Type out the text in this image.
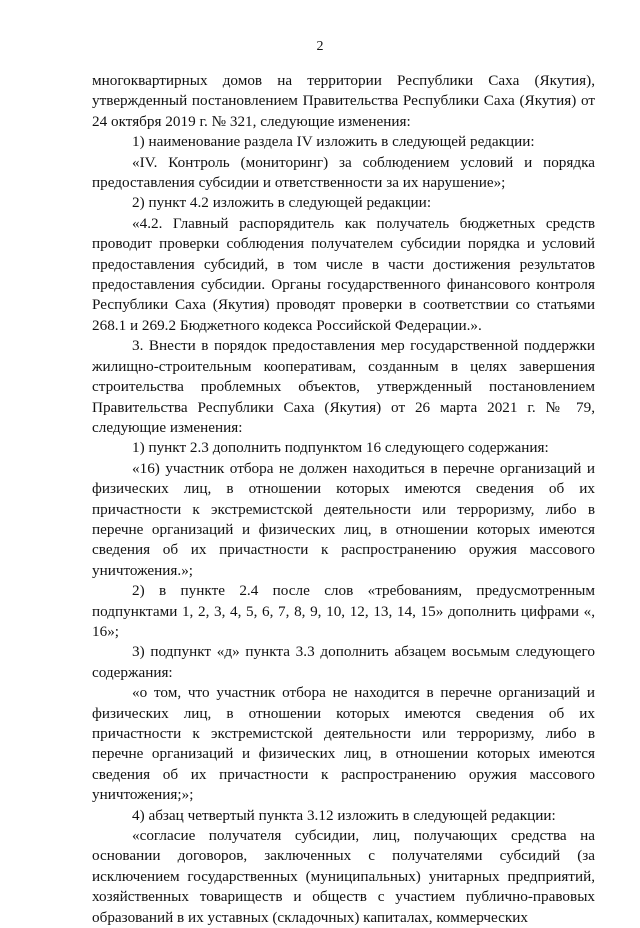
2

многоквартирных домов на территории Республики Саха (Якутия), утвержденный постановлением Правительства Республики Саха (Якутия) от 24 октября 2019 г. № 321, следующие изменения:

1) наименование раздела IV изложить в следующей редакции:

«IV. Контроль (мониторинг) за соблюдением условий и порядка предоставления субсидии и ответственности за их нарушение»;

2) пункт 4.2 изложить в следующей редакции:

«4.2. Главный распорядитель как получатель бюджетных средств проводит проверки соблюдения получателем субсидии порядка и условий предоставления субсидий, в том числе в части достижения результатов предоставления субсидии. Органы государственного финансового контроля Республики Саха (Якутия) проводят проверки в соответствии со статьями 268.1 и 269.2 Бюджетного кодекса Российской Федерации.».

3. Внести в порядок предоставления мер государственной поддержки жилищно-строительным кооперативам, созданным в целях завершения строительства проблемных объектов, утвержденный постановлением Правительства Республики Саха (Якутия) от 26 марта 2021 г. № 79, следующие изменения:

1) пункт 2.3 дополнить подпунктом 16 следующего содержания:

«16) участник отбора не должен находиться в перечне организаций и физических лиц, в отношении которых имеются сведения об их причастности к экстремистской деятельности или терроризму, либо в перечне организаций и физических лиц, в отношении которых имеются сведения об их причастности к распространению оружия массового уничтожения.»;

2) в пункте 2.4 после слов «требованиям, предусмотренным подпунктами 1, 2, 3, 4, 5, 6, 7, 8, 9, 10, 12, 13, 14, 15» дополнить цифрами «, 16»;

3) подпункт «д» пункта 3.3 дополнить абзацем восьмым следующего содержания:

«о том, что участник отбора не находится в перечне организаций и физических лиц, в отношении которых имеются сведения об их причастности к экстремистской деятельности или терроризму, либо в перечне организаций и физических лиц, в отношении которых имеются сведения об их причастности к распространению оружия массового уничтожения;»;

4) абзац четвертый пункта 3.12 изложить в следующей редакции:

«согласие получателя субсидии, лиц, получающих средства на основании договоров, заключенных с получателями субсидий (за исключением государственных (муниципальных) унитарных предприятий, хозяйственных товариществ и обществ с участием публично-правовых образований в их уставных (складочных) капиталах, коммерческих
